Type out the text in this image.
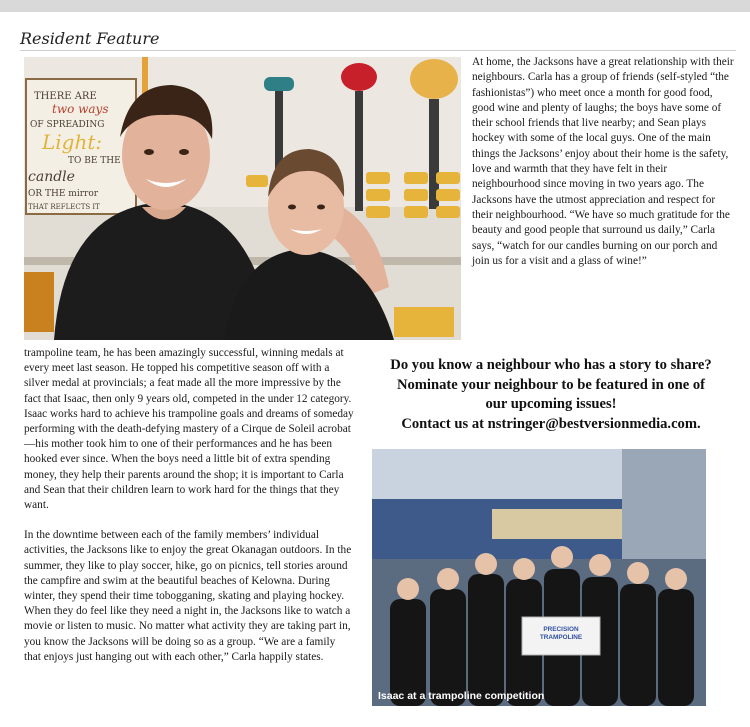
Resident Feature
THERE ARE
two ways
OF SPREADING
Light:
TO BE THE
candle
OR THE mirror
THAT REFLECTS IT
At home, the Jacksons have a great relationship with their neighbours. Carla has a group of friends (self-styled “the fashionistas”) who meet once a month for good food, good wine and plenty of laughs; the boys have some of their school friends that live nearby; and Sean plays hockey with some of the local guys. One of the main things the Jacksons’ enjoy about their home is the safety, love and warmth that they have felt in their neighbourhood since moving in two years ago. The Jacksons have the utmost appreciation and respect for their neighbourhood. “We have so much gratitude for the beauty and good people that surround us daily,” Carla says, “watch for our candles burning on our porch and join us for a visit and a glass of wine!”

trampoline team, he has been amazingly successful, winning medals at every meet last season. He topped his competitive season off with a silver medal at provincials; a feat made all the more impressive by the fact that Isaac, then only 9 years old, competed in the under 12 category. Isaac works hard to achieve his trampoline goals and dreams of someday performing with the death-defying mastery of a Cirque de Soleil acrobat—his mother took him to one of their performances and he has been hooked ever since. When the boys need a little bit of extra spending money, they help their parents around the shop; it is important to Carla and Sean that their children learn to work hard for the things that they want.

In the downtime between each of the family members’ individual activities, the Jacksons like to enjoy the great Okanagan outdoors. In the summer, they like to play soccer, hike, go on picnics, tell stories around the campfire and swim at the beautiful beaches of Kelowna. During winter, they spend their time tobogganing, skating and playing hockey. When they do feel like they need a night in, the Jacksons like to watch a movie or listen to music. No matter what activity they are taking part in, you know the Jacksons will be doing so as a group. “We are a family that enjoys just hanging out with each other,” Carla happily states.

Do you know a neighbour who has a story to share?
Nominate your neighbour to be featured in one of
our upcoming issues!
Contact us at nstringer@bestversionmedia.com.
PRECISION
TRAMPOLINE
Isaac at a trampoline competition
